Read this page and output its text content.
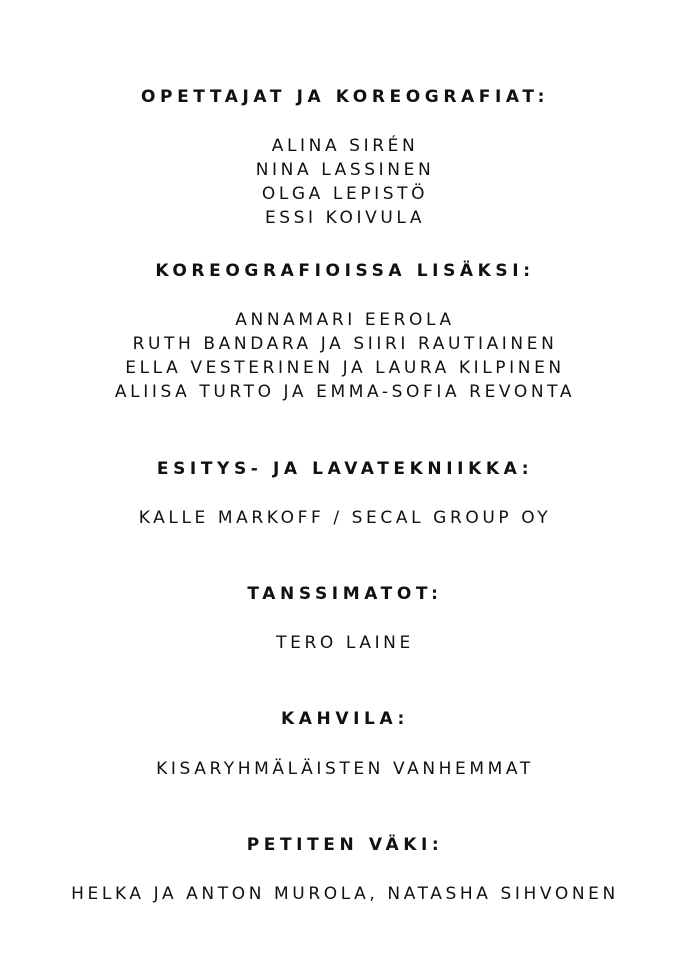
OPETTAJAT JA KOREOGRAFIAT:
ALINA SIRÉN
NINA LASSINEN
OLGA LEPISTÖ
ESSI KOIVULA
KOREOGRAFIOISSA LISÄKSI:
ANNAMARI EEROLA
RUTH BANDARA JA SIIRI RAUTIAINEN
ELLA VESTERINEN JA LAURA KILPINEN
ALIISA TURTO JA EMMA-SOFIA REVONTA
ESITYS- JA LAVATEKNIIKKA:
KALLE MARKOFF / SECAL GROUP OY
TANSSIMATOT:
TERO LAINE
KAHVILA:
KISARYHMÄLÄISTEN VANHEMMAT
PETITEN VÄKI:
HELKA JA ANTON MUROLA, NATASHA SIHVONEN
